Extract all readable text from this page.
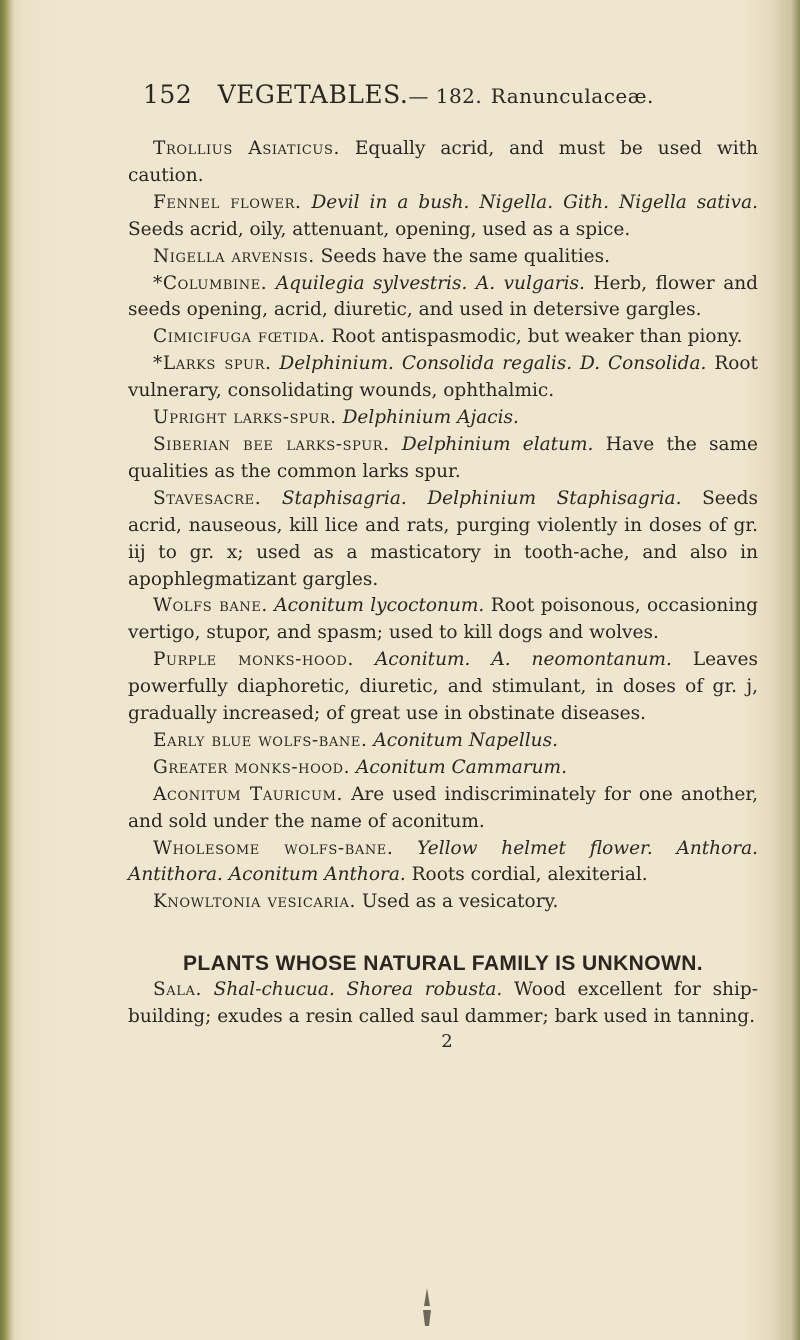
152 VEGETABLES.— 182. Ranunculaceæ.

Trollius Asiaticus. Equally acrid, and must be used with caution.

Fennel flower. Devil in a bush. Nigella. Gith. Nigella sativa. Seeds acrid, oily, attenuant, opening, used as a spice.

Nigella arvensis. Seeds have the same qualities.

*Columbine. Aquilegia sylvestris. A. vulgaris. Herb, flower and seeds opening, acrid, diuretic, and used in detersive gargles.

Cimicifuga fœtida. Root antispasmodic, but weaker than piony.

*Larks spur. Delphinium. Consolida regalis. D. Consolida. Root vulnerary, consolidating wounds, ophthalmic.

Upright larks-spur. Delphinium Ajacis.

Siberian bee larks-spur. Delphinium elatum. Have the same qualities as the common larks spur.

Stavesacre. Staphisagria. Delphinium Staphisagria. Seeds acrid, nauseous, kill lice and rats, purging violently in doses of gr. iij to gr. x; used as a masticatory in tooth-ache, and also in apophlegmatizant gargles.

Wolfs bane. Aconitum lycoctonum. Root poisonous, occasioning vertigo, stupor, and spasm; used to kill dogs and wolves.

Purple monks-hood. Aconitum. A. neomontanum. Leaves powerfully diaphoretic, diuretic, and stimulant, in doses of gr. j, gradually increased; of great use in obstinate diseases.

Early blue wolfs-bane. Aconitum Napellus.

Greater monks-hood. Aconitum Cammarum.

Aconitum Tauricum. Are used indiscriminately for one another, and sold under the name of aconitum.

Wholesome wolfs-bane. Yellow helmet flower. Anthora. Antithora. Aconitum Anthora. Roots cordial, alexiterial.

Knowltonia vesicaria. Used as a vesicatory.

PLANTS WHOSE NATURAL FAMILY IS UNKNOWN.

Sala. Shal-chucua. Shorea robusta. Wood excellent for ship-building; exudes a resin called saul dammer; bark used in tanning.

2
